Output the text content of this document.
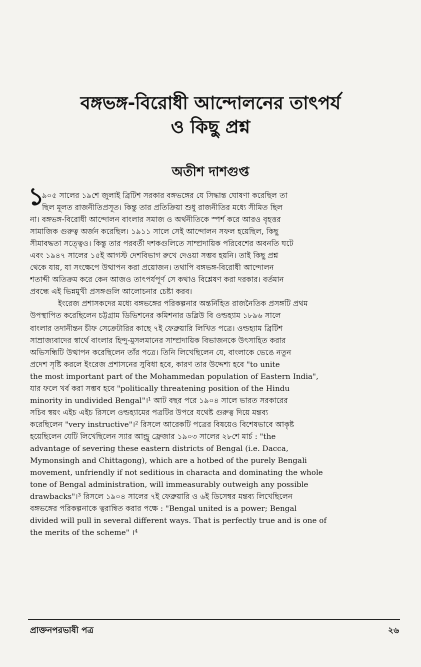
বঙ্গভঙ্গ-বিরোধী আন্দোলনের তাৎপর্য
ও কিছু প্রশ্ন
অতীশ দাশগুপ্ত
১
৯০৫ সালের ১৯শে জুলাই ব্রিটিশ সরকার বঙ্গভঙ্গের যে সিদ্ধান্ত ঘোষণা করেছিল তা
ছিল মূলত রাজনীতিপ্রসূত। কিন্তু তার প্রতিক্রিয়া শুধু রাজনীতির মধ্যে সীমিত ছিল
না। বঙ্গভঙ্গ-বিরোধী আন্দোলন বাংলার সমাজ ও অর্থনীতিকে স্পর্শ করে আরও বৃহত্তর
সামাজিক গুরুত্ব অর্জন করেছিল। ১৯১১ সালে সেই আন্দোলন সফল হয়েছিল, কিছু
সীমাবদ্ধতা সত্ত্বেও। কিন্তু তার পরবর্তী দশকগুলিতে সাম্প্রদায়িক পরিবেশের অবনতি ঘটে
এবং ১৯৪৭ সালের ১৫ই আগস্ট দেশবিভাগ রুখে দেওয়া সম্ভব হয়নি। তাই কিছু প্রশ্ন
থেকে যায়, যা সংক্ষেপে উত্থাপন করা প্রয়োজন। তথাপি বঙ্গভঙ্গ-বিরোধী আন্দোলন
শতাব্দী অতিক্রম করে কেন আজও তাৎপর্যপূর্ণ সে কথাও বিশ্লেষণ করা দরকার। বর্তমান
প্রবন্ধে এই ভিন্নমুখী প্রসঙ্গগুলি আলোচনার চেষ্টা করব।
ইংরেজ প্রশাসকদের মধ্যে বঙ্গভঙ্গের পরিকল্পনার অন্তর্নিহিত রাজনৈতিক প্রসঙ্গটি প্রথম
উপস্থাপিত করেছিলেন চট্টগ্রাম ডিভিশনের কমিশনার ডব্লিউ বি ওল্ডহ্যাম ১৮৯৬ সালে
বাংলার তদানীন্তন চীফ সেক্রেটারির কাছে ৭ই ফেব্রুয়ারি লিখিত পত্রে। ওল্ডহ্যাম ব্রিটিশ
সাম্রাজ্যবাদের স্বার্থে বাংলার হিন্দু-মুসলমানের সাম্প্রদায়িক বিভাজনকে উৎসাহিত করার
অভিসন্ধিটি উত্থাপন করেছিলেন তাঁর পত্রে। তিনি লিখেছিলেন যে, বাংলাকে ভেঙে নতুন
প্রদেশ সৃষ্টি করলে ইংরেজ প্রশাসনের সুবিধা হবে, কারণ তার উদ্দেশ্য হবে "to unite
the most important part of the Mohammedan population of Eastern India",
যার ফলে খর্ব করা সম্ভব হবে "politically threatening position of the Hindu
minority in undivided Bengal"।¹ আট বছর পরে ১৯০৪ সালে ভারত সরকারের
সচিব স্বয়ং এইচ এইচ রিসলে ওল্ডহ্যামের পত্রটির উপরে যথেষ্ট গুরুত্ব দিয়ে মন্তব্য
করেছিলেন "very instructive"।² রিসলে আরেকটি পত্রের বিষয়েও বিশেষভাবে আকৃষ্ট
হয়েছিলেন যেটি লিখেছিলেন স্যার আন্ড্রু ফ্রেজার ১৯০৩ সালের ২৮শে মার্চ : "the
advantage of severing these eastern districts of Bengal (i.e. Dacca,
Mymonsingh and Chittagong), which are a hotbed of the purely Bengali
movement, unfriendly if not seditious in characta and dominating the whole
tone of Bengal administration, will immeasurably outweigh any possible
drawbacks"।³ রিসলে ১৯০৪ সালের ৭ই ফেব্রুয়ারি ও ৬ই ডিসেম্বর মন্তব্য লিখেছিলেন
বঙ্গভঙ্গের পরিকল্পনাকে ত্বরান্বিত করার পক্ষে : "Bengal united is a power; Bengal
divided will pull in several different ways. That is perfectly true and is one of
the merits of the scheme" ।⁴
প্রাক্তনপরভাষী পত্র	২৬
